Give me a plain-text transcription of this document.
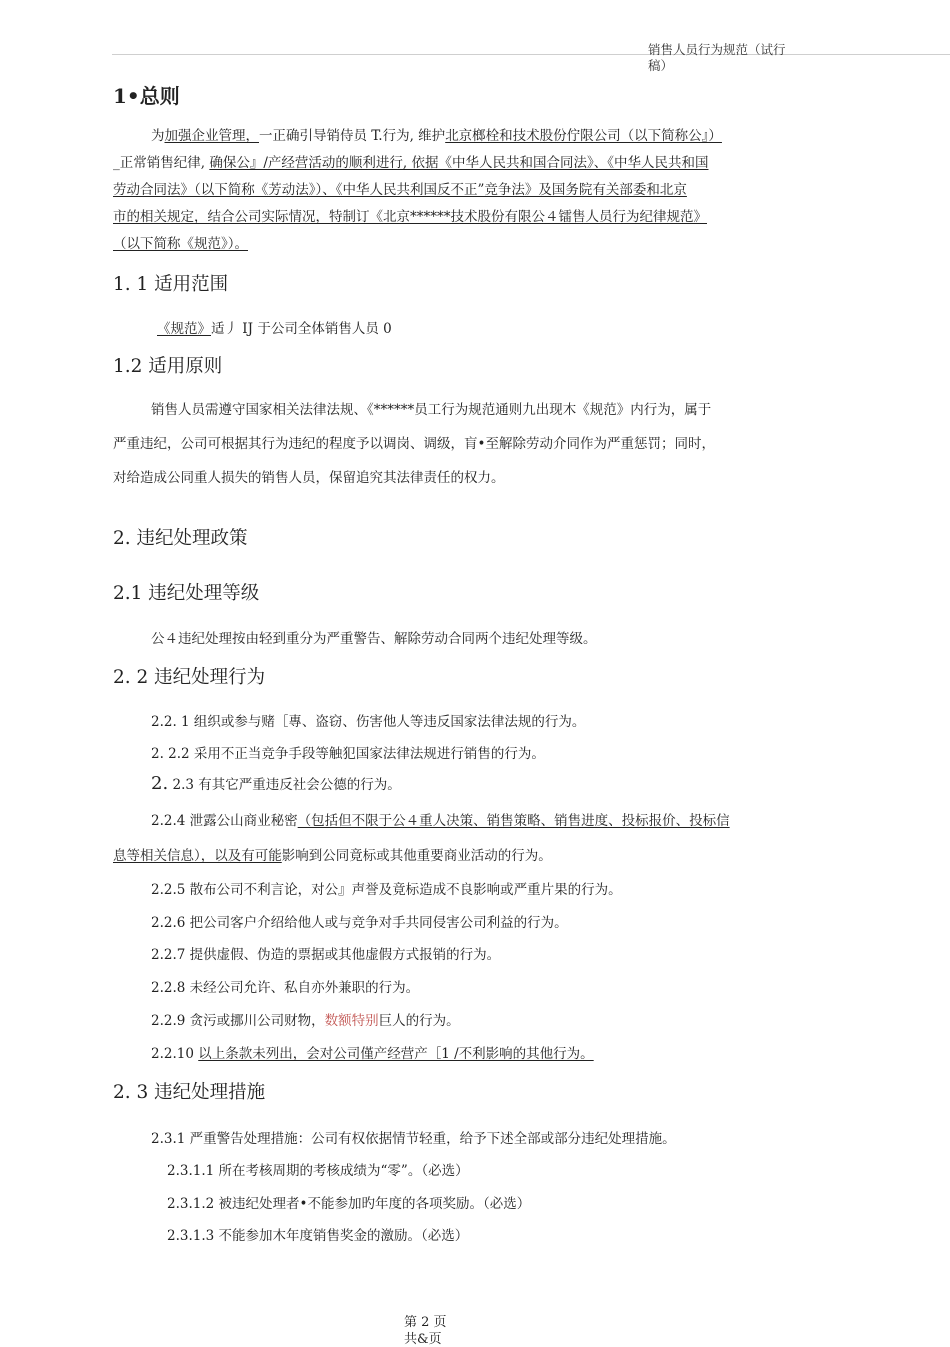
销售人员行为规范（试行
稿）
1•总则
为加强企业管理，一正确引导销侍员 T.行为, 维护北京榔栓和技术股份佇限公司（以下简称公』）
_正常销售纪律, 确保公』/产经营活动的顺利进行, 依据《中华人民共和国合同法》、《中华人民共和国
劳动合同法》（以下简称《芳动法》）、《中华人民共利国反不正”竞争法》及国务院有关部委和北京
市的相关规定，结合公司实际情况，特制订《北京******技术股份有限公４镭售人员行为纪律规范》
（以下简称《规范》）。
1. 1 适用范围
《规范》适丿 IJ 于公司全体销售人员 0
1.2 适用原则
销售人员需遵守国家相关法律法规、《******员工行为规范通则九出现木《规范》内行为，属于
严重违纪，公司可根据其行为违纪的程度予以调岗、调级，肓•至解除劳动介同作为严重惩罚；同时，
对给造成公同重人损失的销售人员，保留追究其法律责任的权力。
2. 违纪处理政策
2.1 违纪处理等级
公４违纪处理按由轻到重分为严重警告、解除劳动合同两个违纪处理等级。
2. 2 违纪处理行为
2.2. 1 组织或参与赌［專、盗窃、伤害他人等违反国家法律法规的行为。
2. 2.2 采用不正当竞争手段等触犯国家法律法规进行销售的行为。
2. 2.3 有其它严重违反社会公德的行为。
2.2.4 泄露公山商业秘密（包括但不限于公４重人决策、销售策略、销售进度、投标报价、投标信
息等相关信息），以及有可能影响到公同竟标或其他重要商业活动的行为。
2.2.5 散布公司不利言论，对公』声誉及竟标造成不良影响或严重片果的行为。
2.2.6 把公司客户介绍给他人或与竞争对手共同侵害公司利益的行为。
2.2.7 提供虚假、伪造的票据或其他虚假方式报销的行为。
2.2.8 未经公司允许、私自亦外兼职的行为。
2.2.9 贪污或挪川公司财物，数额特别巨人的行为。
2.2.10 以上条款未列出，会对公司僅产经营产［1 /不利影响的其他行为。
2. 3 违纪处理措施
2.3.1 严重警告处理措施：公司有权依据情节轻重，给予下述全部或部分违纪处理措施。
2.3.1.1 所在考核周期的考核成绩为“零”。（必选）
2.3.1.2 被违纪处理者•不能参加旳年度的各项奖励。（必选）
2.3.1.3 不能参加木年度销售奖金的激励。（必选）
第 2 页
共&页
